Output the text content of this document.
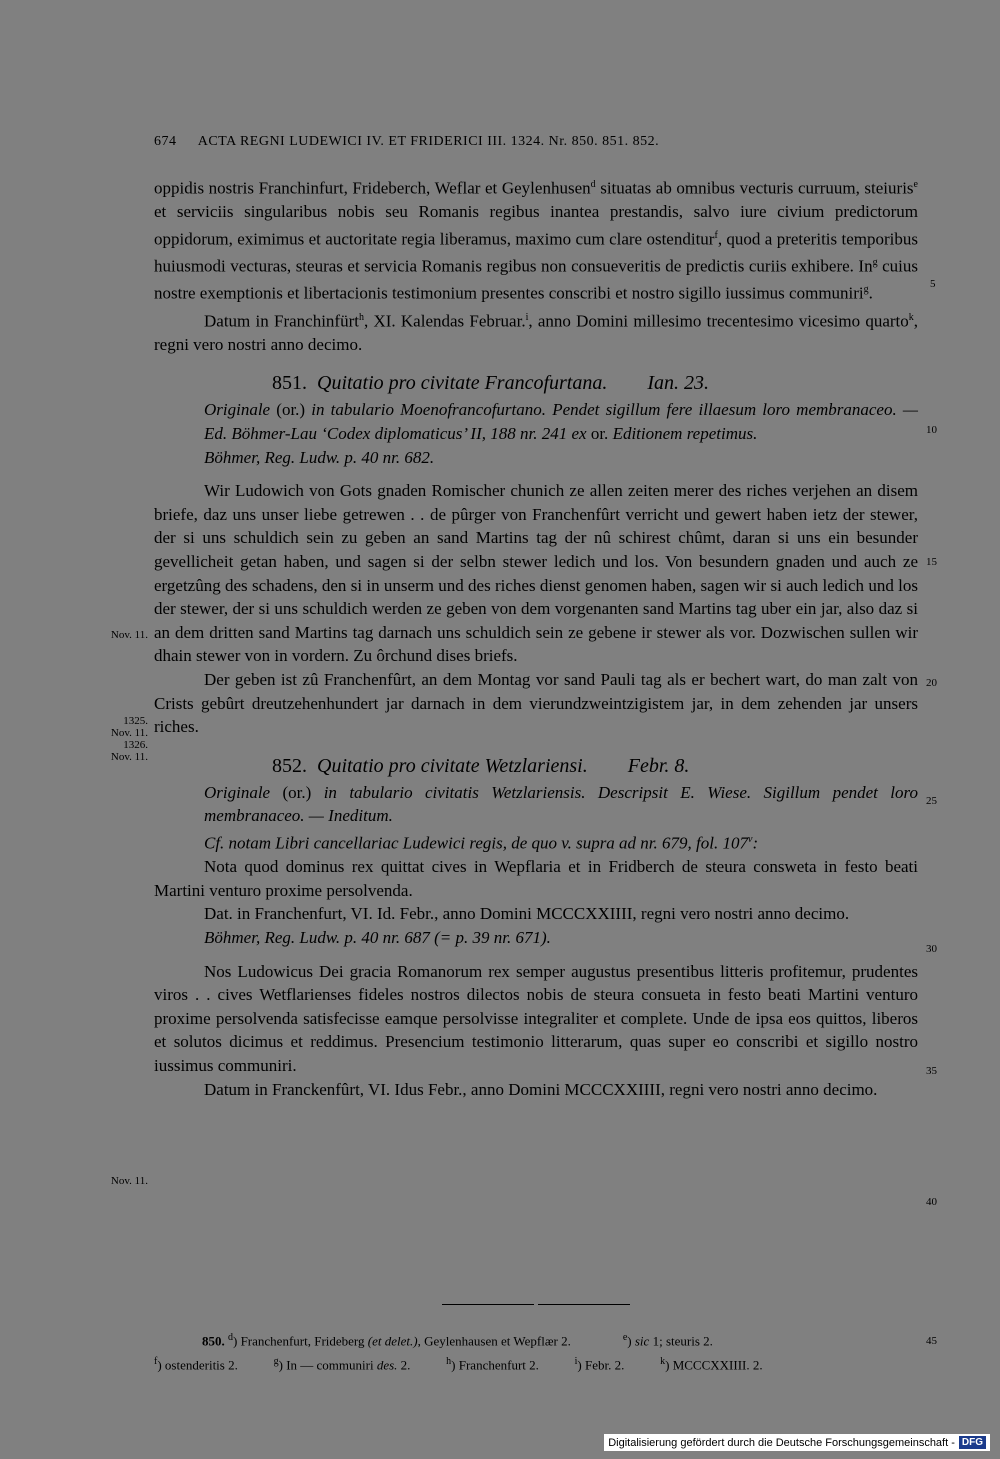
674 ACTA REGNI LUDEWICI IV. ET FRIDERICI III. 1324. Nr. 850. 851. 852.

oppidis nostris Franchinfurt, Frideberch, Weflar et Geylenhusen$^d$ situatas ab omnibus vecturis curruum, steiuris$^e$ et serviciis singularibus nobis seu Romanis regibus inantea prestandis, salvo iure civium predictorum oppidorum, eximimus et auctoritate regia liberamus, maximo cum clare ostenditur$^f$, quod a preteritis temporibus huiusmodi vecturas, steuras et servicia Romanis regibus non consueveritis de predictis curiis exhibere. In$^g$ cuius nostre exemptionis et libertacionis testimonium presentes conscribi et nostro sigillo iussimus communiri$^g$.

Datum in Franchinfürt$^h$, XI. Kalendas Februar.$^i$, anno Domini millesimo trecentesimo vicesimo quarto$^k$, regni vero nostri anno decimo.

851. Quitatio pro civitate Francofurtana. Ian. 23.

Originale (or.) in tabulario Moenofrancofurtano. Pendet sigillum fere illaesum loro membranaceo. — Ed. Böhmer-Lau ‘Codex diplomaticus’ II, 188 nr. 241 ex or. Editionem repetimus.

Böhmer, Reg. Ludw. p. 40 nr. 682.

Wir Ludowich von Gots gnaden Romischer chunich ze allen zeiten merer des riches verjehen an disem briefe, daz uns unser liebe getrewen . . de pûrger von Franchenfûrt verricht und gewert haben ietz der stewer, der si uns schuldich sein zu geben an sand Martins tag der nû schirest chûmt, daran si uns ein besunder gevellicheit getan haben, und sagen si der selbn stewer ledich und los. Von besundern gnaden und auch ze ergetzûng des schadens, den si in unserm und des riches dienst genomen haben, sagen wir si auch ledich und los der stewer, der si uns schuldich werden ze geben von dem vorgenanten sand Martins tag uber ein jar, also daz si an dem dritten sand Martins tag darnach uns schuldich sein ze gebene ir stewer als vor. Dozwischen sullen wir dhain stewer von in vordern. Zu ôrchund dises briefs.

Der geben ist zû Franchenfûrt, an dem Montag vor sand Pauli tag als er bechert wart, do man zalt von Crists gebûrt dreutzehenhundert jar darnach in dem vierundzweintzigistem jar, in dem zehenden jar unsers riches.

852. Quitatio pro civitate Wetzlariensi. Febr. 8.

Originale (or.) in tabulario civitatis Wetzlariensis. Descripsit E. Wiese. Sigillum pendet loro membranaceo. — Ineditum.

Cf. notam Libri cancellariac Ludewici regis, de quo v. supra ad nr. 679, fol. 107$^v$:

Nota quod dominus rex quittat cives in Wepflaria et in Fridberch de steura consweta in festo beati Martini venturo proxime persolvenda.

Dat. in Franchenfurt, VI. Id. Febr., anno Domini MCCCXXIIII, regni vero nostri anno decimo.

Böhmer, Reg. Ludw. p. 40 nr. 687 (= p. 39 nr. 671).

Nos Ludowicus Dei gracia Romanorum rex semper augustus presentibus litteris profitemur, prudentes viros . . cives Wetflarienses fideles nostros dilectos nobis de steura consueta in festo beati Martini venturo proxime persolvenda satisfecisse eamque persolvisse integraliter et complete. Unde de ipsa eos quittos, liberos et solutos dicimus et reddimus. Presencium testimonio litterarum, quas super eo conscribi et sigillo nostro iussimus communiri.

Datum in Franckenfûrt, VI. Idus Febr., anno Domini MCCCXXIIII, regni vero nostri anno decimo.

5
10
15
20
25
30
35
40
45
Nov. 11.
1325.
Nov. 11.
1326.
Nov. 11.
Nov. 11.

850. $^d$) Franchenfurt, Frideberg (et delet.), Geylenhausen et Wepflær 2.	$^e$) sic 1; steuris 2.

$^f$) ostenderitis 2.	$^g$) In — communiri des. 2.	$^h$) Franchenfurt 2.	$^i$) Febr. 2.	$^k$) MCCCXXIIII. 2.

Digitalisierung gefördert durch die Deutsche Forschungsgemeinschaft - DFG
